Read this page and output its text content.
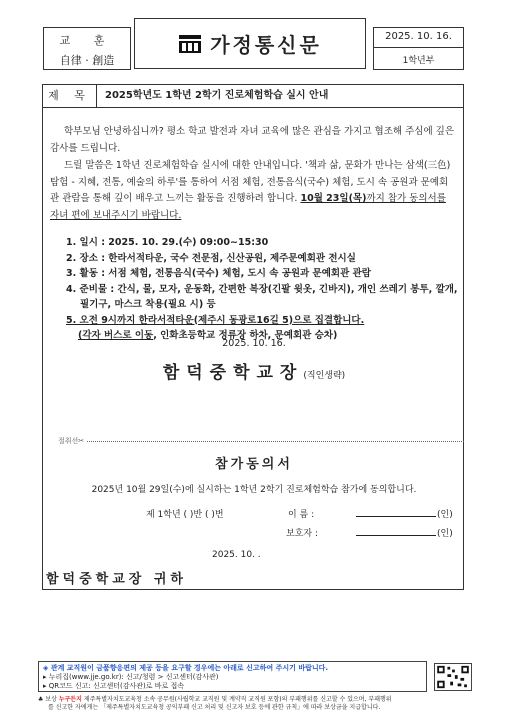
교 훈
自律 · 創造
가정통신문	2025. 10. 16.
1학년부
제 목	2025학년도 1학년 2학기 진로체험학습 실시 안내
학부모님 안녕하십니까? 평소 학교 발전과 자녀 교육에 많은 관심을 가지고 협조해 주심에 깊은 감사를 드립니다.
드릴 말씀은 1학년 진로체험학습 실시에 대한 안내입니다. '책과 삶, 문화가 만나는 삼색(三色) 탐험 - 지혜, 전통, 예술의 하루'를 통하여 서점 체험, 전통음식(국수) 체험, 도시 속 공원과 문예회관 관람을 통해 깊이 배우고 느끼는 활동을 진행하려 합니다. 10월 23일(목)까지 참가 동의서를 자녀 편에 보내주시기 바랍니다.
1. 일시 : 2025. 10. 29.(수) 09:00~15:30
2. 장소 : 한라서적타운, 국수 전문점, 신산공원, 제주문예회관 전시실
3. 활동 : 서점 체험, 전통음식(국수) 체험, 도시 속 공원과 문예회관 관람
4. 준비물 : 간식, 물, 모자, 운동화, 간편한 복장(긴팔 윗옷, 긴바지), 개인 쓰레기 봉투, 깔개, 필기구, 마스크 착용(필요 시) 등
5. 오전 9시까지 한라서적타운(제주시 동광로16길 5)으로 집결합니다.
(각자 버스로 이동, 인화초등학교 정류장 하차, 문예회관 승차)
2025. 10. 16.
함덕중학교장(직인생략)
절취선✂
참가동의서
2025년 10월 29일(수)에 실시하는 1학년 2학기 진로체험학습 참가에 동의합니다.
제 1학년 ( )반 ( )번	이 름 :	(인)
보호자 :	(인)
2025. 10. .
함덕중학교장 귀하
◈ 관계 교직원이 금품향응편의 제공 등을 요구할 경우에는 아래로 신고하여 주시기 바랍니다.
▸ 누리집(www.jje.go.kr): 신고/청렴 > 신고센터(감사관)
▸ QR코드 신고: 신고센터(감사관)로 바로 접속
♣ 보상 누구든지 제주특별자치도교육청 소속 공무원(사립학교 교직원 및 계약직 교직원 포함)의 부패행위를 신고할 수 있으며, 부패행위
를 신고한 자에게는 「제주특별자치도교육청 공익부패 신고 처리 및 신고자 보호 등에 관한 규칙」에 따라 보상금을 지급합니다.
